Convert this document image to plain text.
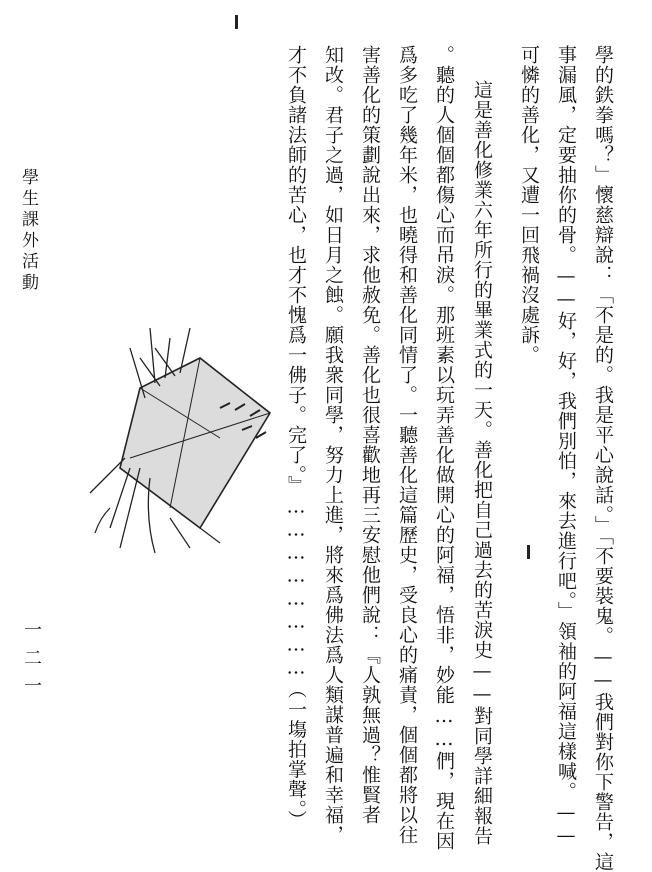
學生課外活動
一二一	學的鉄拳嗎？」懷慈辯說：「不是的。我是平心說話。」「不要裝鬼。——我們對你下警告，這
事漏風，定要抽你的骨。——好，好，我們別怕，來去進行吧。」領袖的阿福這樣喊。——
可憐的善化，又遭一回飛禍沒處訴。
這是善化修業六年所行的畢業式的一天。善化把自己過去的苦淚史——對同學詳細報告
。聽的人個個都傷心而吊淚。那班素以玩弄善化做開心的阿福，悟非，妙能……們，現在因
爲多吃了幾年米，也曉得和善化同情了。一聽善化這篇歷史，受良心的痛責，個個都將以往
害善化的策劃說出來，求他赦免。善化也很喜歡地再三安慰他們說：『人孰無過？惟賢者
知改。君子之過，如日月之蝕。願我衆同學，努力上進，將來爲佛法爲人類謀普遍和幸福，
才不負諸法師的苦心，也才不愧爲一佛子。完了。』……………………（一塲拍掌聲。）
